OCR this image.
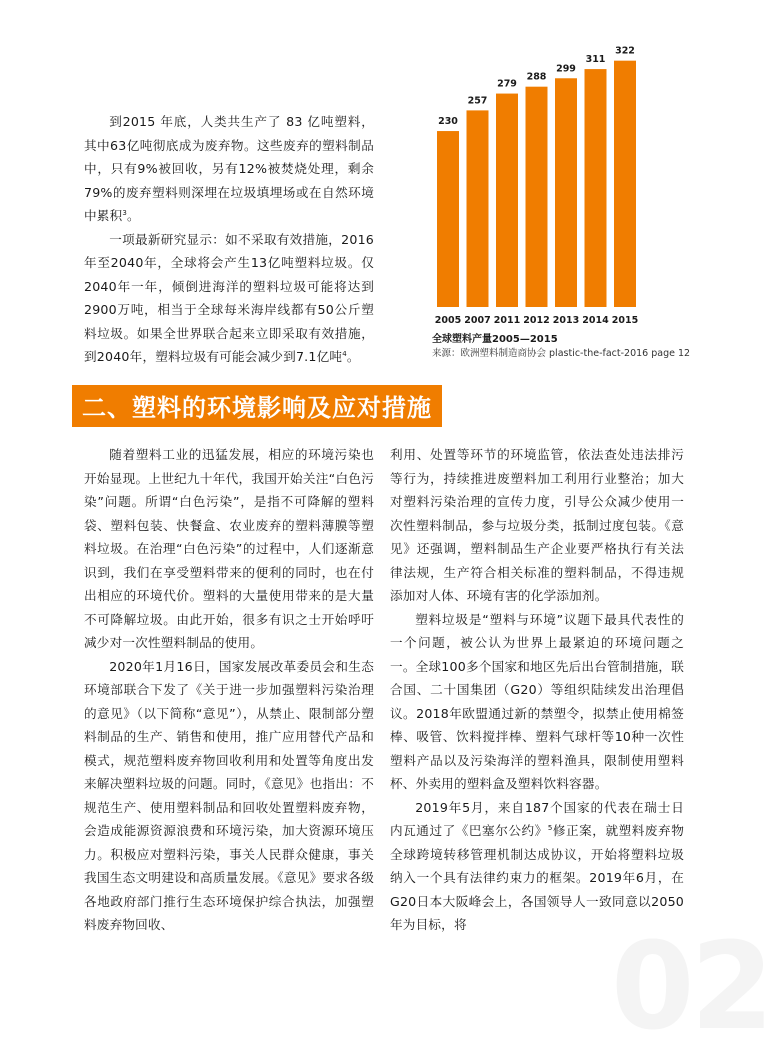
到2015 年底，人类共生产了 83 亿吨塑料，其中63亿吨彻底成为废弃物。这些废弃的塑料制品中，只有9%被回收，另有12%被焚烧处理，剩余79%的废弃塑料则深埋在垃圾填埋场或在自然环境中累积$^3$。

一项最新研究显示：如不采取有效措施，2016年至2040年，全球将会产生13亿吨塑料垃圾。仅2040年一年，倾倒进海洋的塑料垃圾可能将达到2900万吨，相当于全球每米海岸线都有50公斤塑料垃圾。如果全世界联合起来立即采取有效措施，到2040年，塑料垃圾有可能会减少到7.1亿吨$^4$。

230
2005
257
2007
279
2011
288
2012
299
2013
311
2014
322
2015
全球塑料产量2005—2015
来源：欧洲塑料制造商协会 plastic-the-fact-2016 page 12
二、塑料的环境影响及应对措施

随着塑料工业的迅猛发展，相应的环境污染也开始显现。上世纪九十年代，我国开始关注“白色污染”问题。所谓“白色污染”，是指不可降解的塑料袋、塑料包装、快餐盒、农业废弃的塑料薄膜等塑料垃圾。在治理“白色污染”的过程中，人们逐渐意识到，我们在享受塑料带来的便利的同时，也在付出相应的环境代价。塑料的大量使用带来的是大量不可降解垃圾。由此开始，很多有识之士开始呼吁减少对一次性塑料制品的使用。

2020年1月16日，国家发展改革委员会和生态环境部联合下发了《关于进一步加强塑料污染治理的意见》（以下简称“意见”），从禁止、限制部分塑料制品的生产、销售和使用，推广应用替代产品和模式，规范塑料废弃物回收利用和处置等角度出发来解决塑料垃圾的问题。同时，《意见》也指出：不规范生产、使用塑料制品和回收处置塑料废弃物，会造成能源资源浪费和环境污染，加大资源环境压力。积极应对塑料污染，事关人民群众健康，事关我国生态文明建设和高质量发展。《意见》要求各级各地政府部门推行生态环境保护综合执法，加强塑料废弃物回收、

利用、处置等环节的环境监管，依法查处违法排污等行为，持续推进废塑料加工利用行业整治；加大对塑料污染治理的宣传力度，引导公众减少使用一次性塑料制品，参与垃圾分类，抵制过度包装。《意见》还强调，塑料制品生产企业要严格执行有关法律法规，生产符合相关标准的塑料制品，不得违规添加对人体、环境有害的化学添加剂。

塑料垃圾是“塑料与环境”议题下最具代表性的一个问题，被公认为世界上最紧迫的环境问题之一。全球100多个国家和地区先后出台管制措施，联合国、二十国集团（G20）等组织陆续发出治理倡议。2018年欧盟通过新的禁塑令，拟禁止使用棉签棒、吸管、饮料搅拌棒、塑料气球杆等10种一次性塑料产品以及污染海洋的塑料渔具，限制使用塑料杯、外卖用的塑料盒及塑料饮料容器。

2019年5月，来自187个国家的代表在瑞士日内瓦通过了《巴塞尔公约》$^5$修正案，就塑料废弃物全球跨境转移管理机制达成协议，开始将塑料垃圾纳入一个具有法律约束力的框架。2019年6月，在G20日本大阪峰会上，各国领导人一致同意以2050年为目标，将	02
